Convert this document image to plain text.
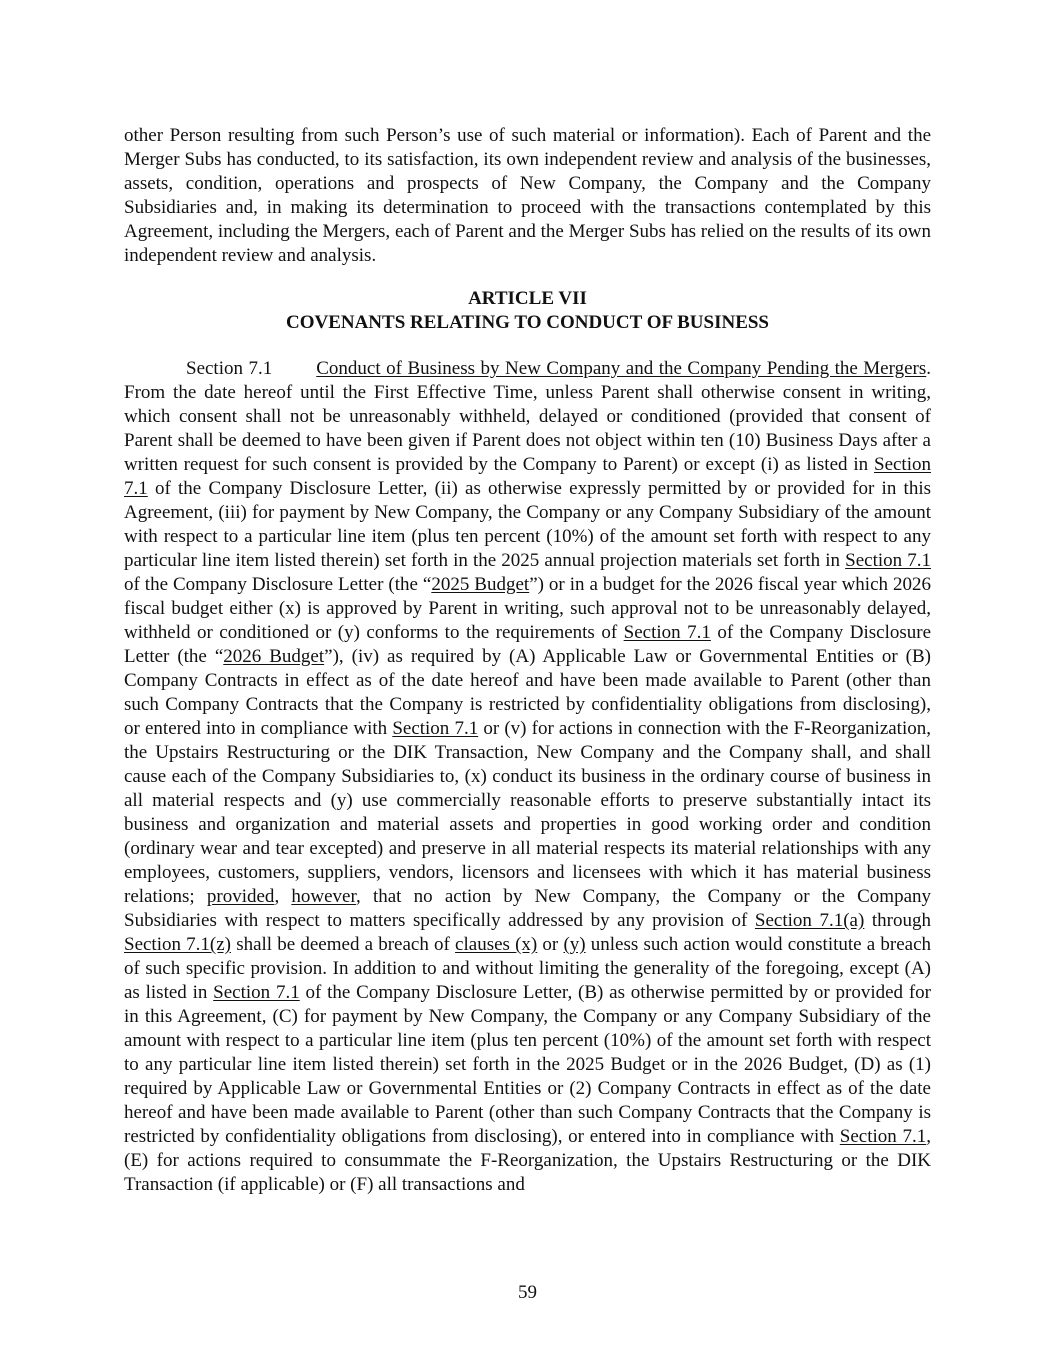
other Person resulting from such Person’s use of such material or information). Each of Parent and the Merger Subs has conducted, to its satisfaction, its own independent review and analysis of the businesses, assets, condition, operations and prospects of New Company, the Company and the Company Subsidiaries and, in making its determination to proceed with the transactions contemplated by this Agreement, including the Mergers, each of Parent and the Merger Subs has relied on the results of its own independent review and analysis.

ARTICLE VII

COVENANTS RELATING TO CONDUCT OF BUSINESS

Section 7.1 Conduct of Business by New Company and the Company Pending the Mergers. From the date hereof until the First Effective Time, unless Parent shall otherwise consent in writing, which consent shall not be unreasonably withheld, delayed or conditioned (provided that consent of Parent shall be deemed to have been given if Parent does not object within ten (10) Business Days after a written request for such consent is provided by the Company to Parent) or except (i) as listed in Section 7.1 of the Company Disclosure Letter, (ii) as otherwise expressly permitted by or provided for in this Agreement, (iii) for payment by New Company, the Company or any Company Subsidiary of the amount with respect to a particular line item (plus ten percent (10%) of the amount set forth with respect to any particular line item listed therein) set forth in the 2025 annual projection materials set forth in Section 7.1 of the Company Disclosure Letter (the “2025 Budget”) or in a budget for the 2026 fiscal year which 2026 fiscal budget either (x) is approved by Parent in writing, such approval not to be unreasonably delayed, withheld or conditioned or (y) conforms to the requirements of Section 7.1 of the Company Disclosure Letter (the “2026 Budget”), (iv) as required by (A) Applicable Law or Governmental Entities or (B) Company Contracts in effect as of the date hereof and have been made available to Parent (other than such Company Contracts that the Company is restricted by confidentiality obligations from disclosing), or entered into in compliance with Section 7.1 or (v) for actions in connection with the F-Reorganization, the Upstairs Restructuring or the DIK Transaction, New Company and the Company shall, and shall cause each of the Company Subsidiaries to, (x) conduct its business in the ordinary course of business in all material respects and (y) use commercially reasonable efforts to preserve substantially intact its business and organization and material assets and properties in good working order and condition (ordinary wear and tear excepted) and preserve in all material respects its material relationships with any employees, customers, suppliers, vendors, licensors and licensees with which it has material business relations; provided, however, that no action by New Company, the Company or the Company Subsidiaries with respect to matters specifically addressed by any provision of Section 7.1(a) through Section 7.1(z) shall be deemed a breach of clauses (x) or (y) unless such action would constitute a breach of such specific provision. In addition to and without limiting the generality of the foregoing, except (A) as listed in Section 7.1 of the Company Disclosure Letter, (B) as otherwise permitted by or provided for in this Agreement, (C) for payment by New Company, the Company or any Company Subsidiary of the amount with respect to a particular line item (plus ten percent (10%) of the amount set forth with respect to any particular line item listed therein) set forth in the 2025 Budget or in the 2026 Budget, (D) as (1) required by Applicable Law or Governmental Entities or (2) Company Contracts in effect as of the date hereof and have been made available to Parent (other than such Company Contracts that the Company is restricted by confidentiality obligations from disclosing), or entered into in compliance with Section 7.1, (E) for actions required to consummate the F-Reorganization, the Upstairs Restructuring or the DIK Transaction (if applicable) or (F) all transactions and

59
